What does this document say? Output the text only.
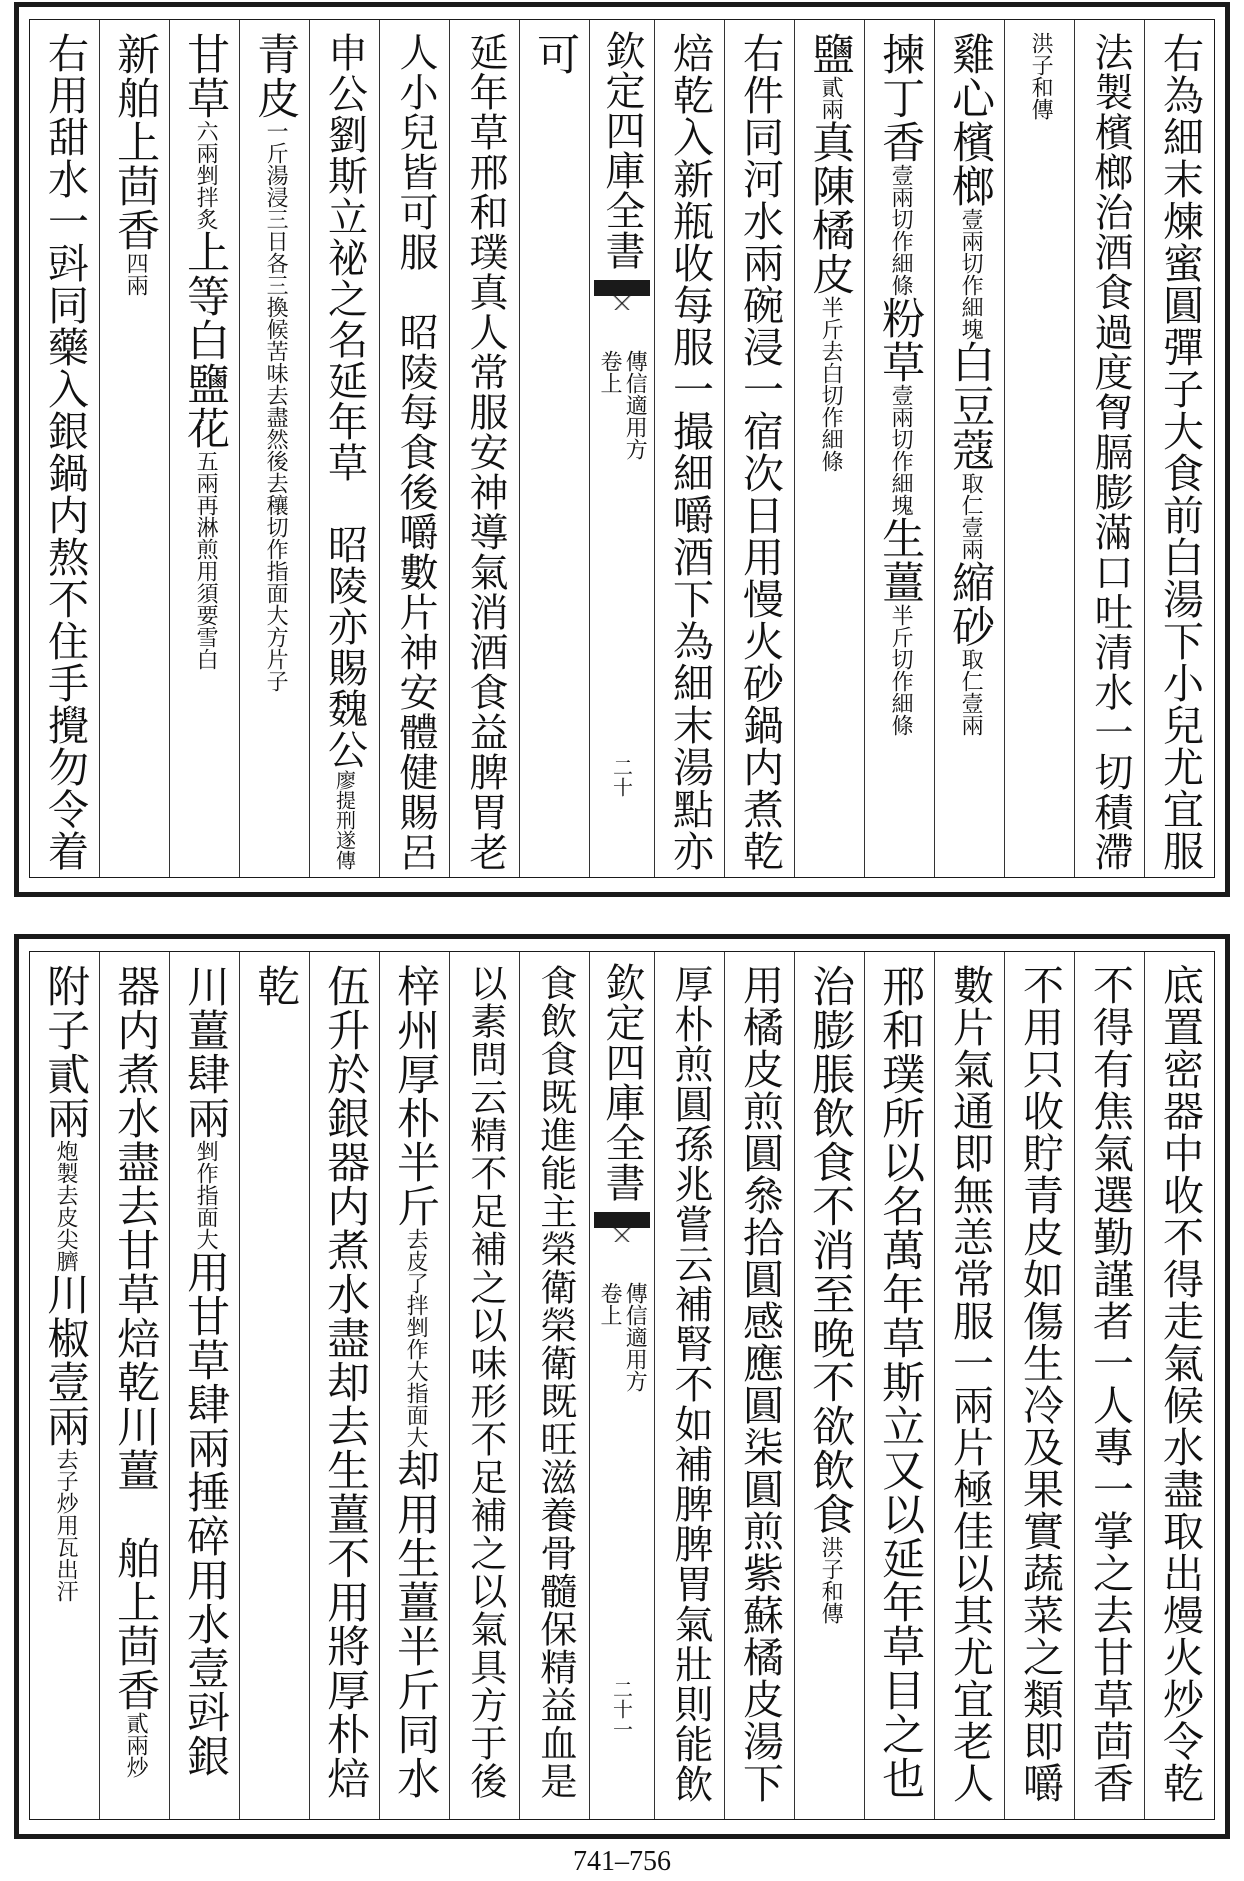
右為細末煉蜜圓彈子大食前白湯下小兒尤宜服
法製檳榔治酒食過度胷膈膨滿口吐清水一切積滯
洪子和傳
雞心檳榔壹兩切作細塊白豆蔻取仁壹兩縮砂取仁壹兩
揀丁香壹兩切作細條粉草壹兩切作細塊生薑半斤切作細條
鹽貳兩真陳橘皮半斤去白切作細條
右件同河水兩碗浸一宿次日用慢火砂鍋内煮乾
焙乾入新瓶收每服一撮細嚼酒下為細末湯點亦
欽定四庫全書
傳信適用方
卷上
二十
可
延年草邢和璞真人常服安神導氣消酒食益脾胃老
人小兒皆可服　昭陵每食後嚼數片神安體健賜呂
申公劉斯立祕之名延年草　昭陵亦賜魏公廖提刑遂傳
青皮一斤湯浸三日各三換候苦味去盡然後去穰切作指面大方片子
甘草六兩剉拌炙上等白鹽花五兩再淋煎用須要雪白
新舶上茴香四兩
右用甜水一㪷同藥入銀鍋内熬不住手攪勿令着
底置密器中收不得走氣候水盡取出熳火炒令乾
不得有焦氣選勤謹者一人專一掌之去甘草茴香
不用只收貯青皮如傷生冷及果實蔬菜之類即嚼
數片氣通即無恙常服一兩片極佳以其尤宜老人
邢和璞所以名萬年草斯立又以延年草目之也
治膨脹飲食不消至晚不欲飲食洪子和傳
用橘皮煎圓叅拾圓感應圓柒圓煎紫蘇橘皮湯下
厚朴煎圓孫兆嘗云補腎不如補脾脾胃氣壯則能飲
欽定四庫全書
傳信適用方
卷上
二十一
食飲食既進能主榮衛榮衛既旺滋養骨髓保精益血是
以素問云精不足補之以味形不足補之以氣具方于後
梓州厚朴半斤去皮了拌剉作大指面大却用生薑半斤同水
伍升於銀器内煮水盡却去生薑不用將厚朴焙
乾
川薑肆兩剉作指面大用甘草肆兩捶碎用水壹㪷銀
器内煮水盡去甘草焙乾川薑　舶上茴香貳兩炒
附子貳兩炮製去皮尖臍川椒壹兩去子炒用瓦出汗
741–756
